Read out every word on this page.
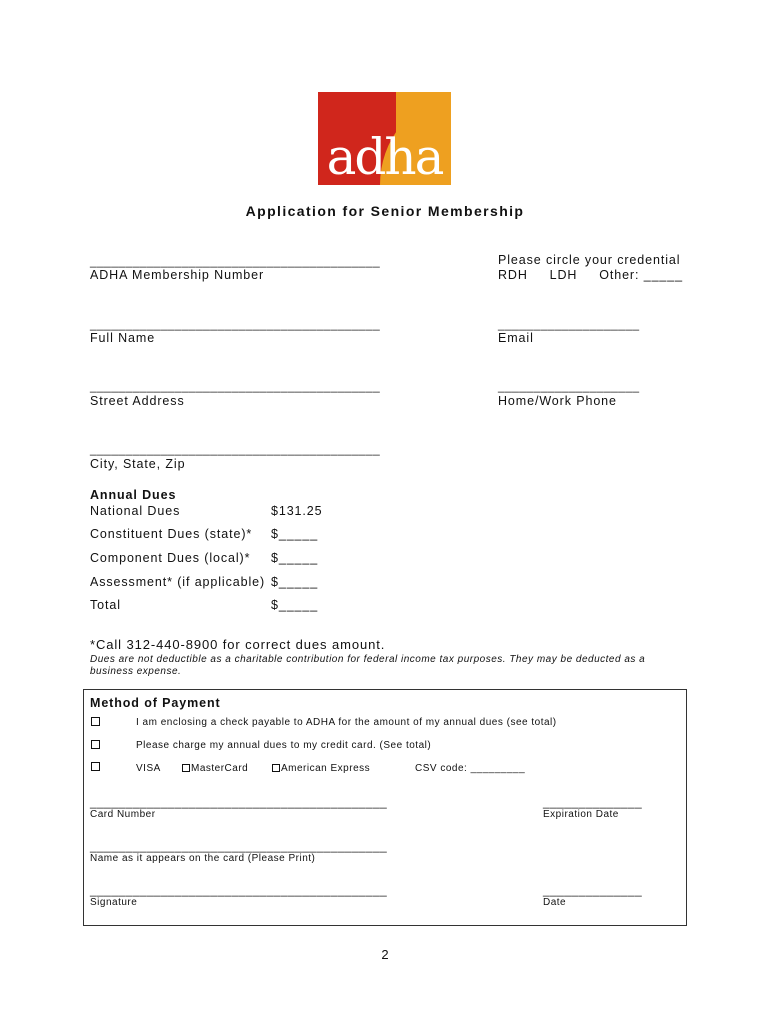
adha
Application for Senior Membership
_________________________________________
ADHA Membership Number
Please circle your credential
RDH     LDH     Other: _____
_________________________________________
Full Name
____________________
Email
_________________________________________
Street Address
____________________
Home/Work Phone
_________________________________________
City, State, Zip
Annual Dues
National Dues	$131.25
Constituent Dues (state)* $_____
Component Dues (local)* $_____
Assessment* (if applicable) $_____
Total	$_____
*Call 312-440-8900 for correct dues amount.
Dues are not deductible as a charitable contribution for federal income tax purposes. They may be deducted as a
business expense.
Method of Payment
I am enclosing a check payable to ADHA for the amount of my annual dues (see total)
Please charge my annual dues to my credit card. (See total)
VISA	MasterCard	American Express	CSV code: _________
__________________________________________
Card Number
______________
Expiration Date
__________________________________________
Name as it appears on the card (Please Print)
__________________________________________
Signature
______________
Date
2
